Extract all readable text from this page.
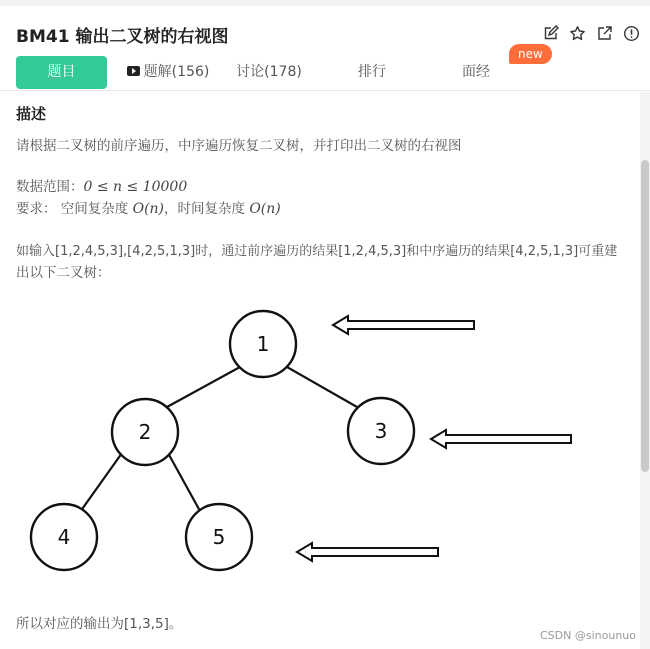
BM41 输出二叉树的右视图
题目	题解(156)	讨论(178)	排行	面经
new
描述
请根据二叉树的前序遍历，中序遍历恢复二叉树，并打印出二叉树的右视图
数据范围：0 ≤ n ≤ 10000
要求： 空间复杂度 O(n)，时间复杂度 O(n)
如输入[1,2,4,5,3],[4,2,5,1,3]时，通过前序遍历的结果[1,2,4,5,3]和中序遍历的结果[4,2,5,1,3]可重建
出以下二叉树：
1
2	3
4	5
所以对应的输出为[1,3,5]。
CSDN @sinounuo
